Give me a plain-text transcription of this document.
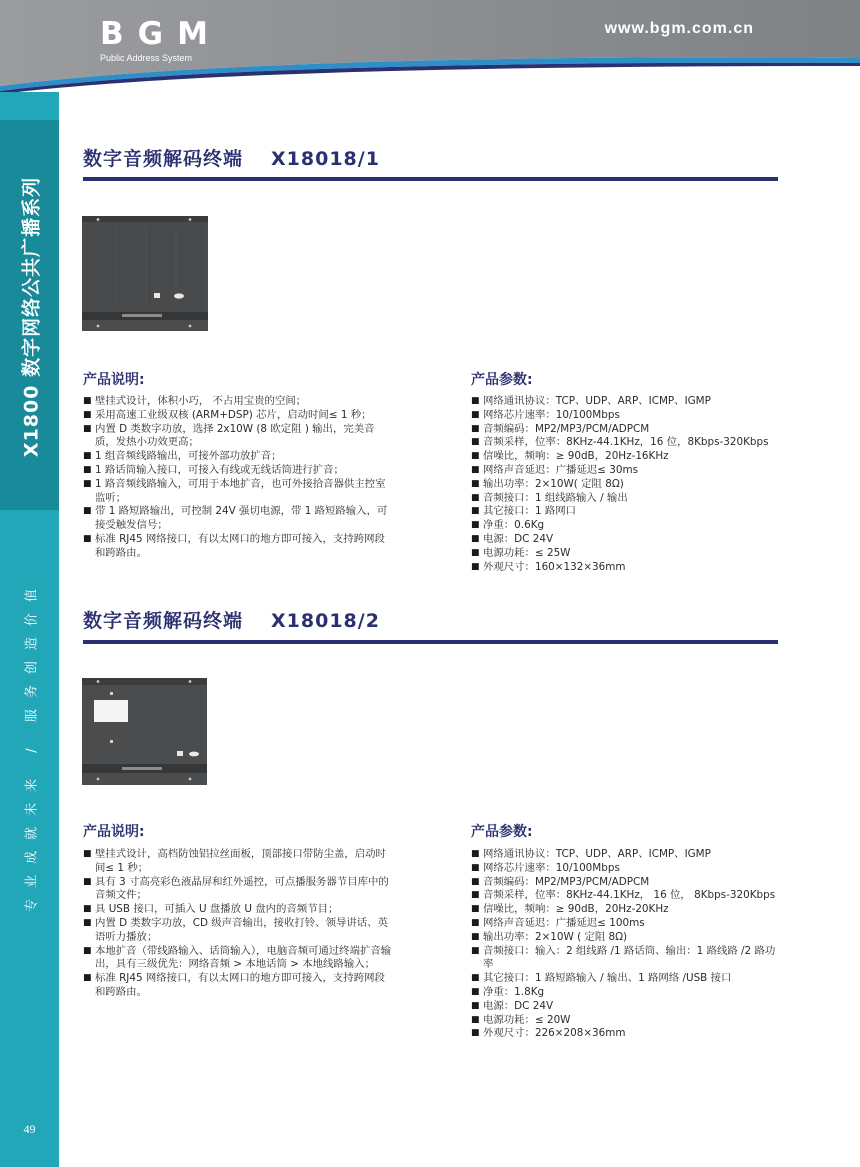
BGM
Public Address System
www.bgm.com.cn
X1800 数字网络公共广播系列
专业成就未来 / 服务创造价值
49
数字音频解码终端 X18018/1
产品说明:	产品参数:
■ 壁挂式设计，体积小巧， 不占用宝贵的空间；
■ 采用高速工业级双核 (ARM+DSP) 芯片，启动时间≤ 1 秒；
■ 内置 D 类数字功放，选择 2x10W (8 欧定阻 ) 输出，完美音质，发热小功效更高；
■ 1 组音频线路输出，可接外部功放扩音；
■ 1 路话筒输入接口，可接入有线或无线话筒进行扩音；
■ 1 路音频线路输入，可用于本地扩音，也可外接拾音器供主控室监听；
■ 带 1 路短路输出，可控制 24V 强切电源，带 1 路短路输入，可接受触发信号；
■ 标准 RJ45 网络接口，有以太网口的地方即可接入，支持跨网段和跨路由。
■ 网络通讯协议：TCP、UDP、ARP、ICMP、IGMP
■ 网络芯片速率：10/100Mbps
■ 音频编码：MP2/MP3/PCM/ADPCM
■ 音频采样，位率：8KHz-44.1KHz，16 位，8Kbps-320Kbps
■ 信噪比，频响：≥ 90dB，20Hz-16KHz
■ 网络声音延迟：广播延迟≤ 30ms
■ 输出功率：2×10W( 定阻 8Ω)
■ 音频接口：1 组线路输入 / 输出
■ 其它接口：1 路网口
■ 净重：0.6Kg
■ 电源：DC 24V
■ 电源功耗：≤ 25W
■ 外观尺寸：160×132×36mm
数字音频解码终端 X18018/2
产品说明:	产品参数:
■ 壁挂式设计，高档防蚀铝拉丝面板，顶部接口带防尘盖，启动时间≤ 1 秒；
■ 具有 3 寸高亮彩色液晶屏和红外遥控，可点播服务器节目库中的音频文件；
■ 具 USB 接口，可插入 U 盘播放 U 盘内的音频节目；
■ 内置 D 类数字功放，CD 级声音输出，接收打铃、领导讲话、英语听力播放；
■ 本地扩音（带线路输入、话筒输入），电脑音频可通过终端扩音输出，具有三级优先：网络音频 > 本地话筒 > 本地线路输入；
■ 标准 RJ45 网络接口，有以太网口的地方即可接入，支持跨网段和跨路由。
■ 网络通讯协议：TCP、UDP、ARP、ICMP、IGMP
■ 网络芯片速率：10/100Mbps
■ 音频编码：MP2/MP3/PCM/ADPCM
■ 音频采样，位率：8KHz-44.1KHz， 16 位， 8Kbps-320Kbps
■ 信噪比，频响：≥ 90dB，20Hz-20KHz
■ 网络声音延迟：广播延迟≤ 100ms
■ 输出功率：2×10W ( 定阻 8Ω)
■ 音频接口：输入：2 组线路 /1 路话筒、输出：1 路线路 /2 路功率
■ 其它接口：1 路短路输入 / 输出、1 路网络 /USB 接口
■ 净重：1.8Kg
■ 电源：DC 24V
■ 电源功耗：≤ 20W
■ 外观尺寸：226×208×36mm
